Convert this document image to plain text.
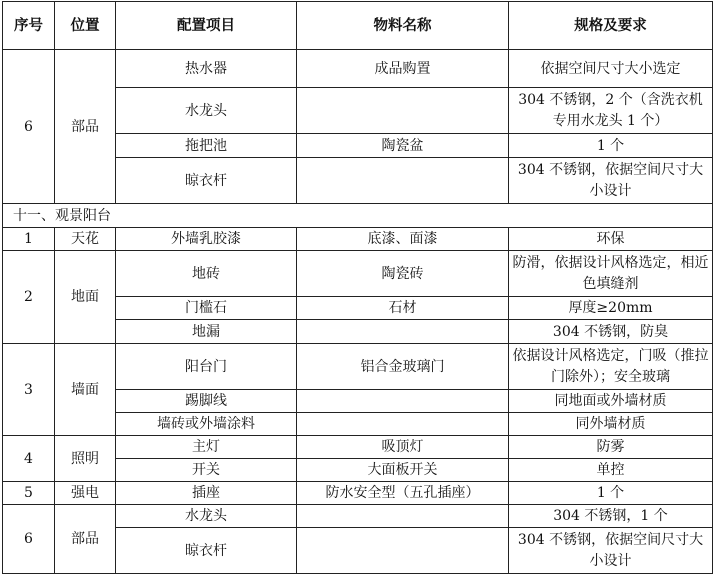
序号	位置	配置项目	物料名称	规格及要求
6	部品	热水器	成品购置	依据空间尺寸大小选定
		水龙头		304 不锈钢，2 个（含洗衣机专用水龙头 1 个）
		拖把池	陶瓷盆	1 个
		晾衣杆		304 不锈钢，依据空间尺寸大小设计
十一、观景阳台				
1	天花	外墙乳胶漆	底漆、面漆	环保
2	地面	地砖	陶瓷砖	防滑，依据设计风格选定，相近色填缝剂
		门槛石	石材	厚度≥20mm
		地漏		304 不锈钢，防臭
3	墙面	阳台门	铝合金玻璃门	依据设计风格选定，门吸（推拉门除外）；安全玻璃
		踢脚线		同地面或外墙材质
		墙砖或外墙涂料		同外墙材质
4	照明	主灯	吸顶灯	防雾
		开关	大面板开关	单控
5	强电	插座	防水安全型（五孔插座）	1 个
6	部品	水龙头		304 不锈钢，1 个
		晾衣杆		304 不锈钢，依据空间尺寸大小设计
